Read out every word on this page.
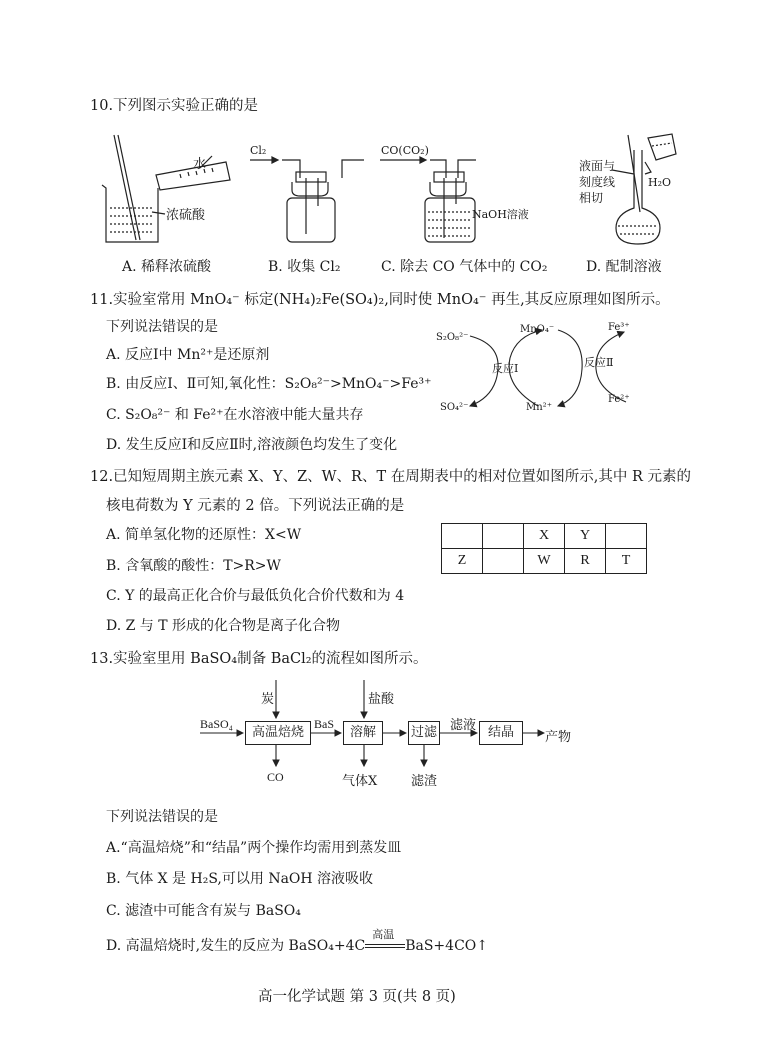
10.下列图示实验正确的是
水
浓硫酸
Cl₂	CO(CO₂)
NaOH溶液
液面与
刻度线
相切
H₂O
A. 稀释浓硫酸	B. 收集 Cl₂	C. 除去 CO 气体中的 CO₂	D. 配制溶液
11.实验室常用 MnO₄⁻ 标定(NH₄)₂Fe(SO₄)₂,同时使 MnO₄⁻ 再生,其反应原理如图所示。
下列说法错误的是
A. 反应Ⅰ中 Mn²⁺是还原剂
B. 由反应Ⅰ、Ⅱ可知,氧化性：S₂O₈²⁻>MnO₄⁻>Fe³⁺
C. S₂O₈²⁻ 和 Fe²⁺在水溶液中能大量共存
D. 发生反应Ⅰ和反应Ⅱ时,溶液颜色均发生了变化
S₂O₈²⁻
SO₄²⁻
MnO₄⁻
Mn²⁺
Fe³⁺
Fe²⁺
反应Ⅰ	反应Ⅱ
12.已知短周期主族元素 X、Y、Z、W、R、T 在周期表中的相对位置如图所示,其中 R 元素的
核电荷数为 Y 元素的 2 倍。下列说法正确的是
A. 简单氢化物的还原性：X<W
B. 含氧酸的酸性：T>R>W
C. Y 的最高正化合价与最低负化合价代数和为 4
D. Z 与 T 形成的化合物是离子化合物
		X	Y	
Z		W	R	T
13.实验室里用 BaSO₄制备 BaCl₂的流程如图所示。
BaSO₄
炭	盐酸
高温焙烧
BaS
溶解	过滤 滤液 结晶	产物
CO	气体X	滤渣
下列说法错误的是
A.“高温焙烧”和“结晶”两个操作均需用到蒸发皿
B. 气体 X 是 H₂S,可以用 NaOH 溶液吸收
C. 滤渣中可能含有炭与 BaSO₄
D. 高温焙烧时,发生的反应为 BaSO₄+4C
高温
BaS+4CO↑
高一化学试题 第 3 页(共 8 页)
